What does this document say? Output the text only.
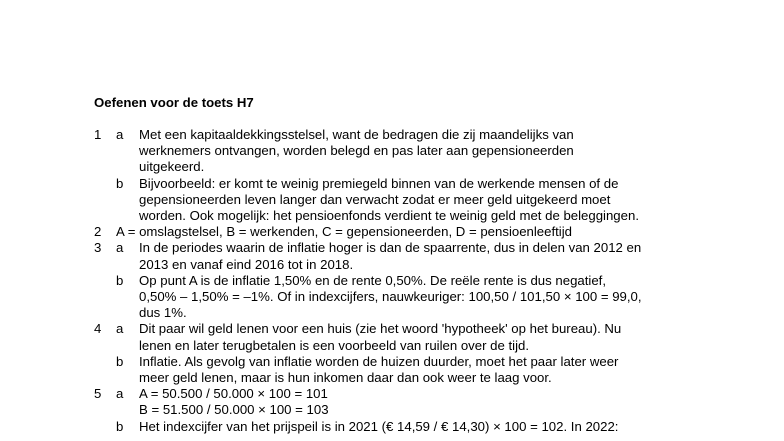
Oefenen voor de toets H7
1 a	Met een kapitaaldekkingsstelsel, want de bedragen die zij maandelijks van
werknemers ontvangen, worden belegd en pas later aan gepensioneerden
uitgekeerd.
b	Bijvoorbeeld: er komt te weinig premiegeld binnen van de werkende mensen of de
gepensioneerden leven langer dan verwacht zodat er meer geld uitgekeerd moet
worden. Ook mogelijk: het pensioenfonds verdient te weinig geld met de beleggingen.
2	A = omslagstelsel, B = werkenden, C = gepensioneerden, D = pensioenleeftijd
3 a	In de periodes waarin de inflatie hoger is dan de spaarrente, dus in delen van 2012 en
2013 en vanaf eind 2016 tot in 2018.
b	Op punt A is de inflatie 1,50% en de rente 0,50%. De reële rente is dus negatief,
0,50% – 1,50% = –1%. Of in indexcijfers, nauwkeuriger: 100,50 / 101,50 × 100 = 99,0,
dus 1%.
4 a	Dit paar wil geld lenen voor een huis (zie het woord 'hypotheek' op het bureau). Nu
lenen en later terugbetalen is een voorbeeld van ruilen over de tijd.
b	Inflatie. Als gevolg van inflatie worden de huizen duurder, moet het paar later weer
meer geld lenen, maar is hun inkomen daar dan ook weer te laag voor.
5 a	A = 50.500 / 50.000 × 100 = 101
B = 51.500 / 50.000 × 100 = 103
b	Het indexcijfer van het prijspeil is in 2021 (€ 14,59 / € 14,30) × 100 = 102. In 2022:
